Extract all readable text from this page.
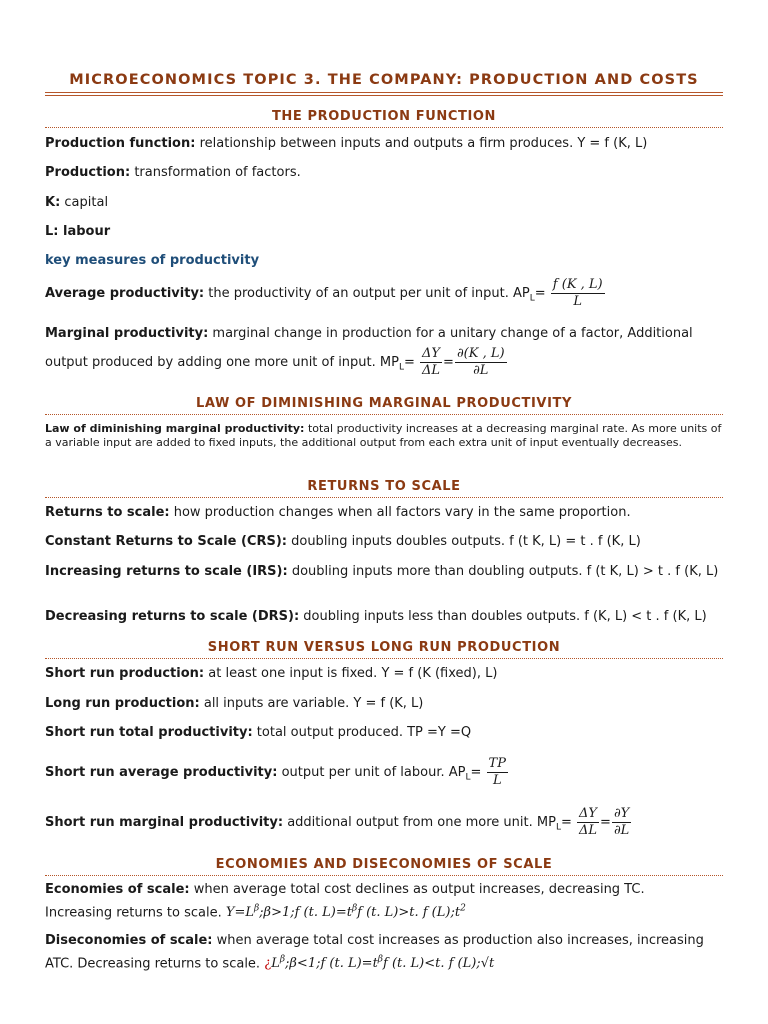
MICROECONOMICS TOPIC 3. THE COMPANY: PRODUCTION AND COSTS
THE PRODUCTION FUNCTION
Production function: relationship between inputs and outputs a firm produces. Y = f (K, L)
Production: transformation of factors.
K: capital
L: labour
key measures of productivity
Average productivity: the productivity of an output per unit of input. $AP_L= \frac{f (K , L)}{L}$
Marginal productivity: marginal change in production for a unitary change of a factor, Additional
output produced by adding one more unit of input. $MP_L= \frac{\Delta Y}{\Delta L} = \frac{\partial(K , L)}{\partial L}$
LAW OF DIMINISHING MARGINAL PRODUCTIVITY
Law of diminishing marginal productivity: total productivity increases at a decreasing marginal rate. As more units of a variable input are added to fixed inputs, the additional output from each extra unit of input eventually decreases.
RETURNS TO SCALE
Returns to scale: how production changes when all factors vary in the same proportion.
Constant Returns to Scale (CRS): doubling inputs doubles outputs. f (t K, L) = t . f (K, L)
Increasing returns to scale (IRS): doubling inputs more than doubling outputs. f (t K, L) > t . f (K, L)
Decreasing returns to scale (DRS): doubling inputs less than doubles outputs. f (K, L) < t . f (K, L)
SHORT RUN VERSUS LONG RUN PRODUCTION
Short run production: at least one input is fixed. Y = f (K (fixed), L)
Long run production: all inputs are variable. Y = f (K, L)
Short run total productivity: total output produced. TP =Y =Q
Short run average productivity: output per unit of labour. $AP_L= \frac{TP}{L}$
Short run marginal productivity: additional output from one more unit. $MP_L= \frac{\Delta Y}{\Delta L} = \frac{\partial Y}{\partial L}$
ECONOMIES AND DISECONOMIES OF SCALE
Economies of scale: when average total cost declines as output increases, decreasing TC.
Increasing returns to scale. $Y=L^\beta;\beta>1;f$ (t. $L)=t^\beta f$ (t. L)>t. f $(L);t^2$
Diseconomies of scale: when average total cost increases as production also increases, increasing
ATC. Decreasing returns to scale. ¿$L^\beta;\beta<1;f$ (t. $L)=t^\beta f$ (t. L)<t. f (L);√t
